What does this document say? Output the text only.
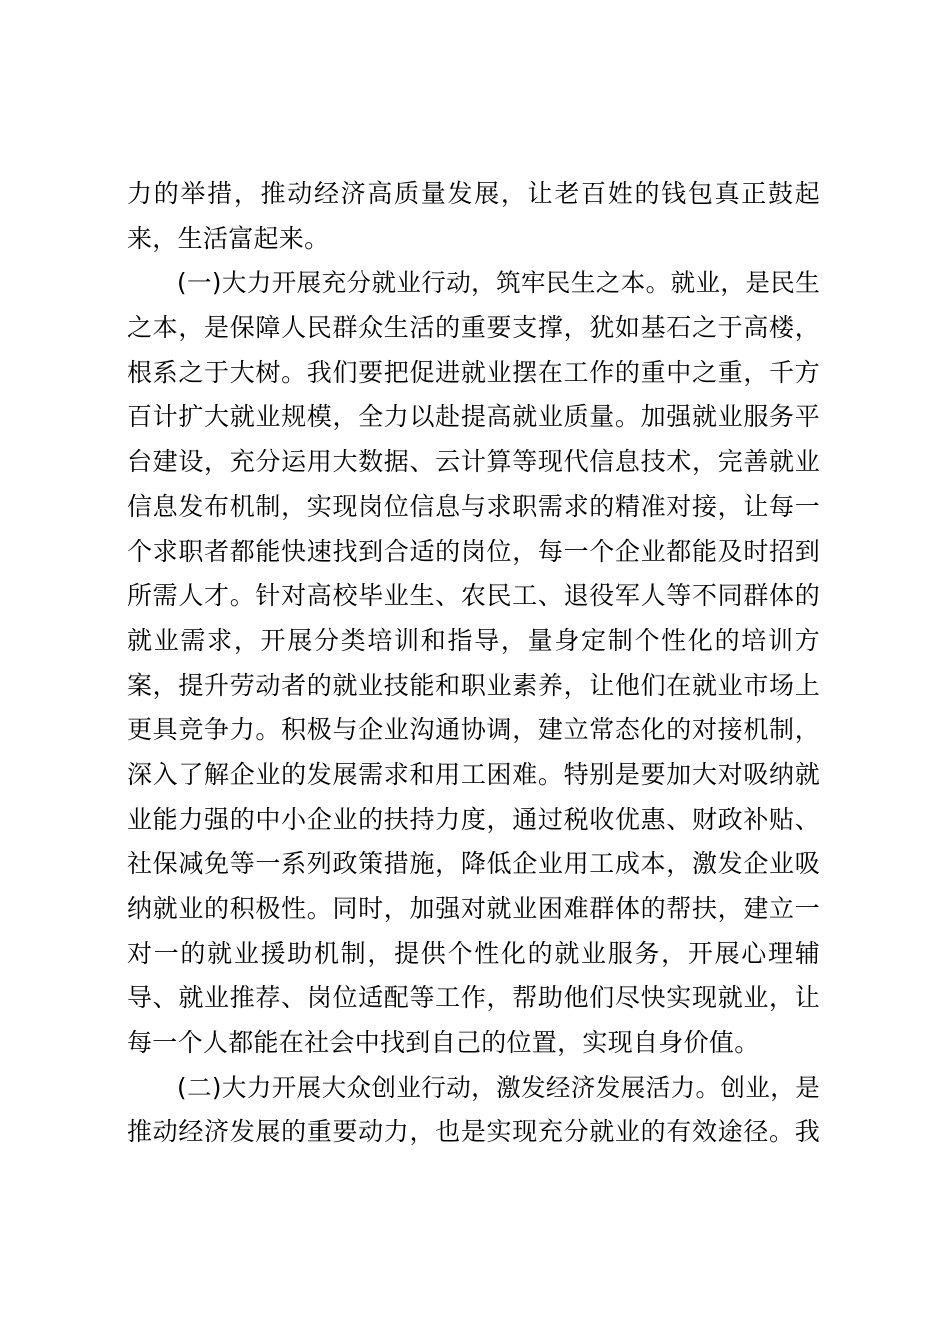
力的举措，推动经济高质量发展，让老百姓的钱包真正鼓起
来，生活富起来。
(一)大力开展充分就业行动，筑牢民生之本。就业，是民生
之本，是保障人民群众生活的重要支撑，犹如基石之于高楼，
根系之于大树。我们要把促进就业摆在工作的重中之重，千方
百计扩大就业规模，全力以赴提高就业质量。加强就业服务平
台建设，充分运用大数据、云计算等现代信息技术，完善就业
信息发布机制，实现岗位信息与求职需求的精准对接，让每一
个求职者都能快速找到合适的岗位，每一个企业都能及时招到
所需人才。针对高校毕业生、农民工、退役军人等不同群体的
就业需求，开展分类培训和指导，量身定制个性化的培训方
案，提升劳动者的就业技能和职业素养，让他们在就业市场上
更具竞争力。积极与企业沟通协调，建立常态化的对接机制，
深入了解企业的发展需求和用工困难。特别是要加大对吸纳就
业能力强的中小企业的扶持力度，通过税收优惠、财政补贴、
社保减免等一系列政策措施，降低企业用工成本，激发企业吸
纳就业的积极性。同时，加强对就业困难群体的帮扶，建立一
对一的就业援助机制，提供个性化的就业服务，开展心理辅
导、就业推荐、岗位适配等工作，帮助他们尽快实现就业，让
每一个人都能在社会中找到自己的位置，实现自身价值。
(二)大力开展大众创业行动，激发经济发展活力。创业，是
推动经济发展的重要动力，也是实现充分就业的有效途径。我
